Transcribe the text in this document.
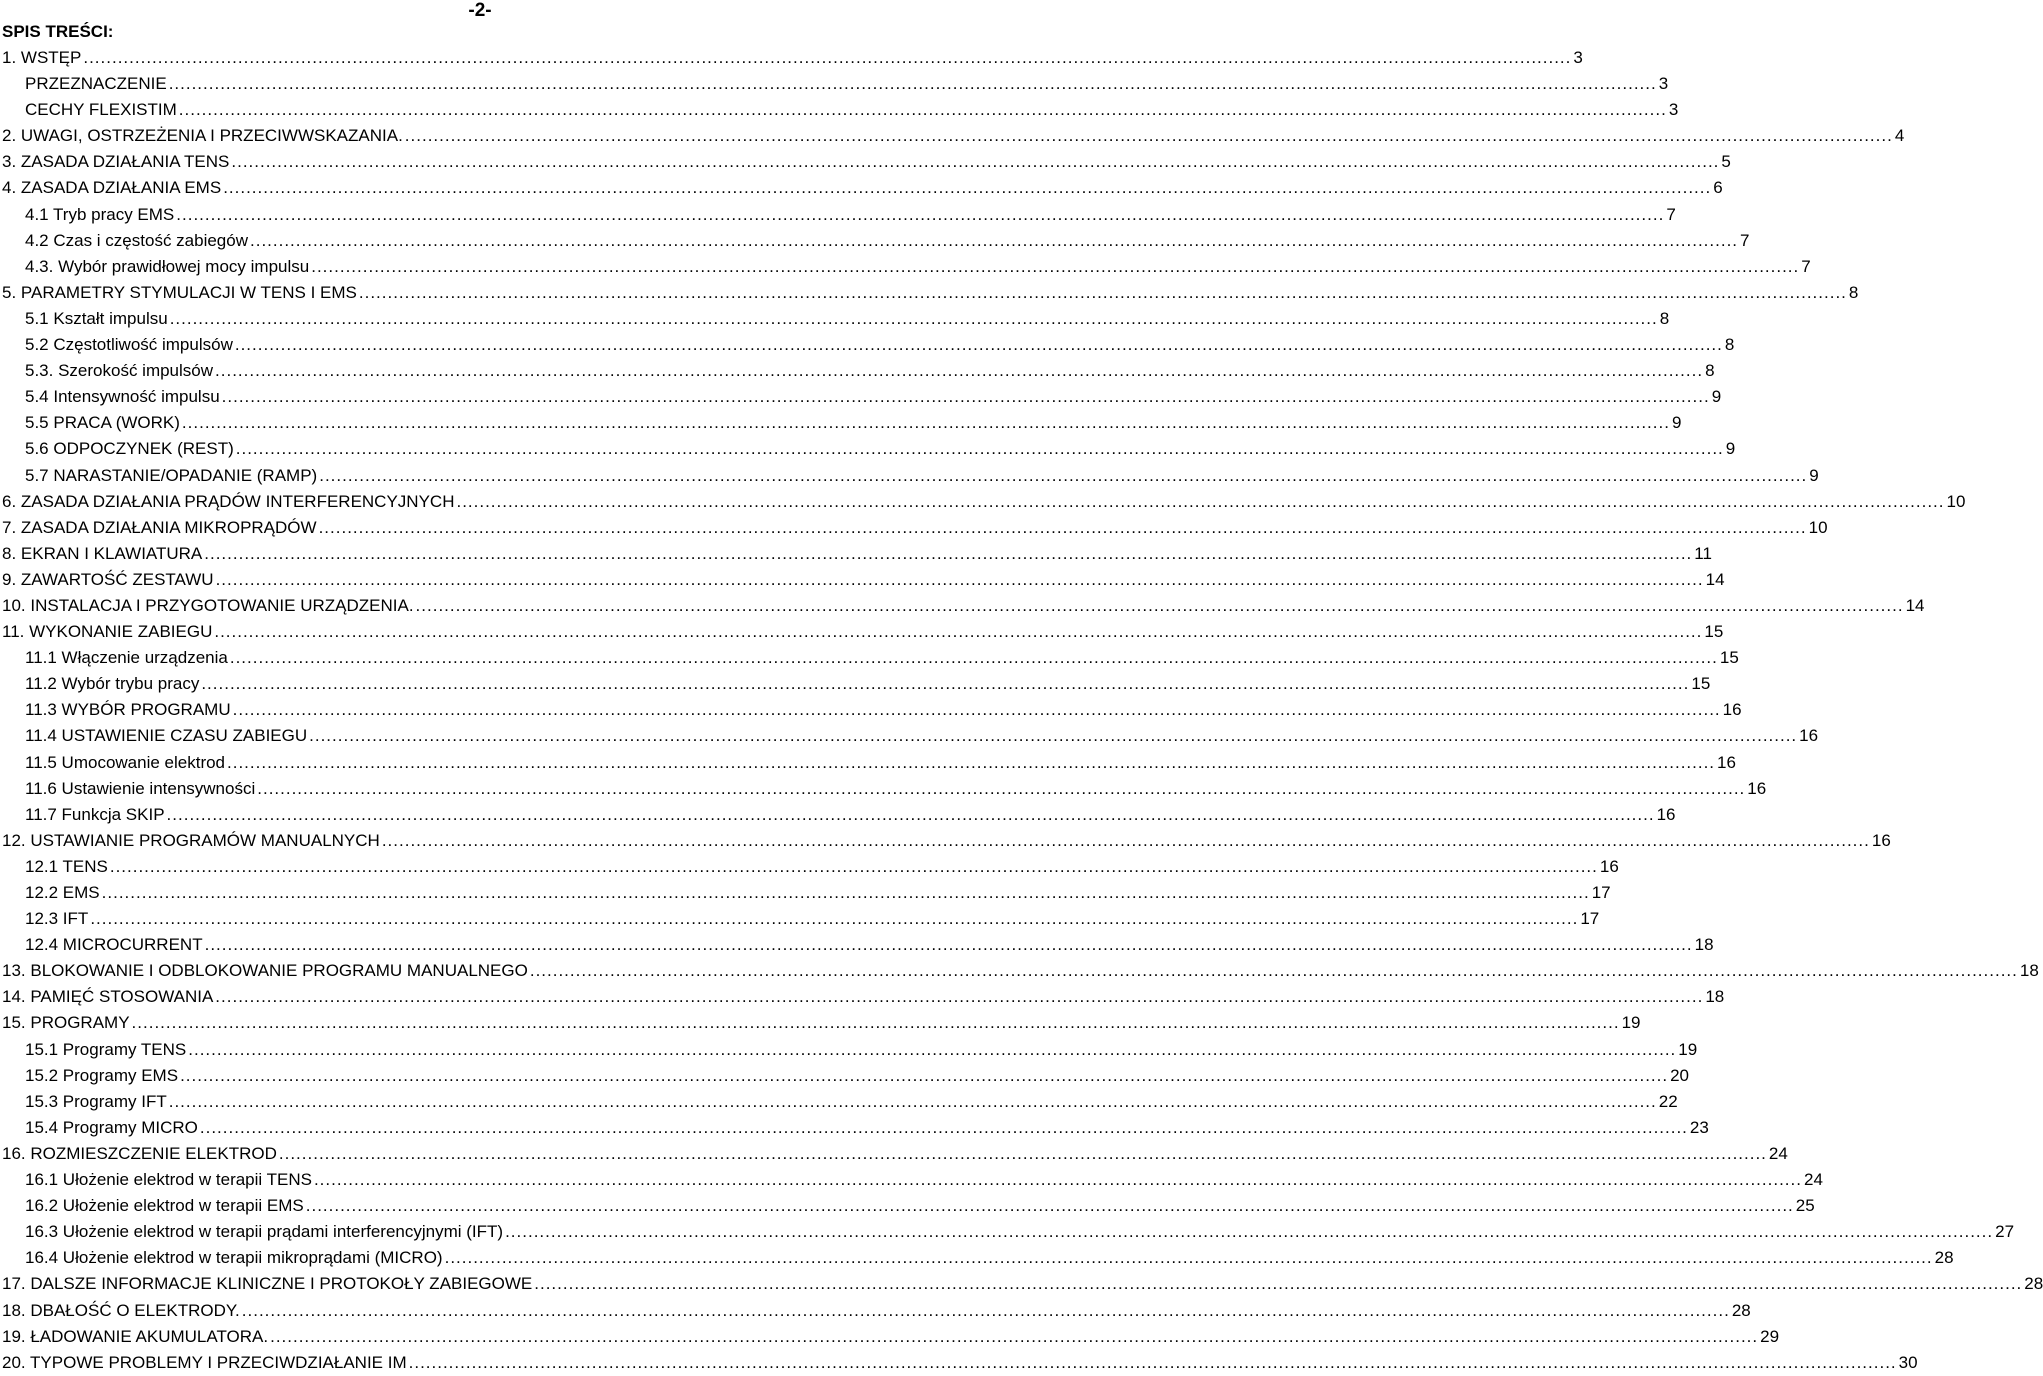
-2-
SPIS TREŚCI:
1. WSTĘP .....	3
PRZEZNACZENIE .....	3
CECHY FLEXISTIM .....	3
2. UWAGI, OSTRZEŻENIA I PRZECIWWSKAZANIA. .....	4
3. ZASADA DZIAŁANIA TENS .....	5
4. ZASADA DZIAŁANIA EMS .....	6
4.1 Tryb pracy EMS .....	7
4.2 Czas i częstość zabiegów .....	7
4.3. Wybór prawidłowej mocy impulsu .....	7
5. PARAMETRY STYMULACJI W TENS I EMS .....	8
5.1 Kształt impulsu .....	8
5.2 Częstotliwość impulsów .....	8
5.3. Szerokość impulsów .....	8
5.4 Intensywność impulsu .....	9
5.5 PRACA (WORK) .....	9
5.6 ODPOCZYNEK (REST) .....	9
5.7 NARASTANIE/OPADANIE (RAMP) .....	9
6. ZASADA DZIAŁANIA PRĄDÓW INTERFERENCYJNYCH .....	10
7. ZASADA DZIAŁANIA MIKROPRĄDÓW .....	10
8. EKRAN I KLAWIATURA .....	11
9. ZAWARTOŚĆ ZESTAWU .....	14
10. INSTALACJA I PRZYGOTOWANIE URZĄDZENIA. .....	14
11. WYKONANIE ZABIEGU .....	15
11.1 Włączenie urządzenia .....	15
11.2 Wybór trybu pracy .....	15
11.3 WYBÓR PROGRAMU .....	16
11.4 USTAWIENIE CZASU ZABIEGU .....	16
11.5 Umocowanie elektrod .....	16
11.6 Ustawienie intensywności .....	16
11.7 Funkcja SKIP .....	16
12. USTAWIANIE PROGRAMÓW MANUALNYCH .....	16
12.1 TENS .....	16
12.2 EMS .....	17
12.3 IFT .....	17
12.4 MICROCURRENT .....	18
13. BLOKOWANIE I ODBLOKOWANIE PROGRAMU MANUALNEGO .....	18
14. PAMIĘĆ STOSOWANIA .....	18
15. PROGRAMY .....	19
15.1 Programy TENS .....	19
15.2 Programy EMS .....	20
15.3 Programy IFT .....	22
15.4 Programy MICRO .....	23
16. ROZMIESZCZENIE ELEKTROD .....	24
16.1 Ułożenie elektrod w terapii TENS .....	24
16.2 Ułożenie elektrod w terapii EMS .....	25
16.3 Ułożenie elektrod w terapii prądami interferencyjnymi (IFT) .....	27
16.4 Ułożenie elektrod w terapii mikroprądami (MICRO) .....	28
17. DALSZE INFORMACJE KLINICZNE I PROTOKOŁY ZABIEGOWE .....	28
18. DBAŁOŚĆ O ELEKTRODY. .....	28
19. ŁADOWANIE AKUMULATORA. .....	29
20. TYPOWE PROBLEMY I PRZECIWDZIAŁANIE IM .....	30
